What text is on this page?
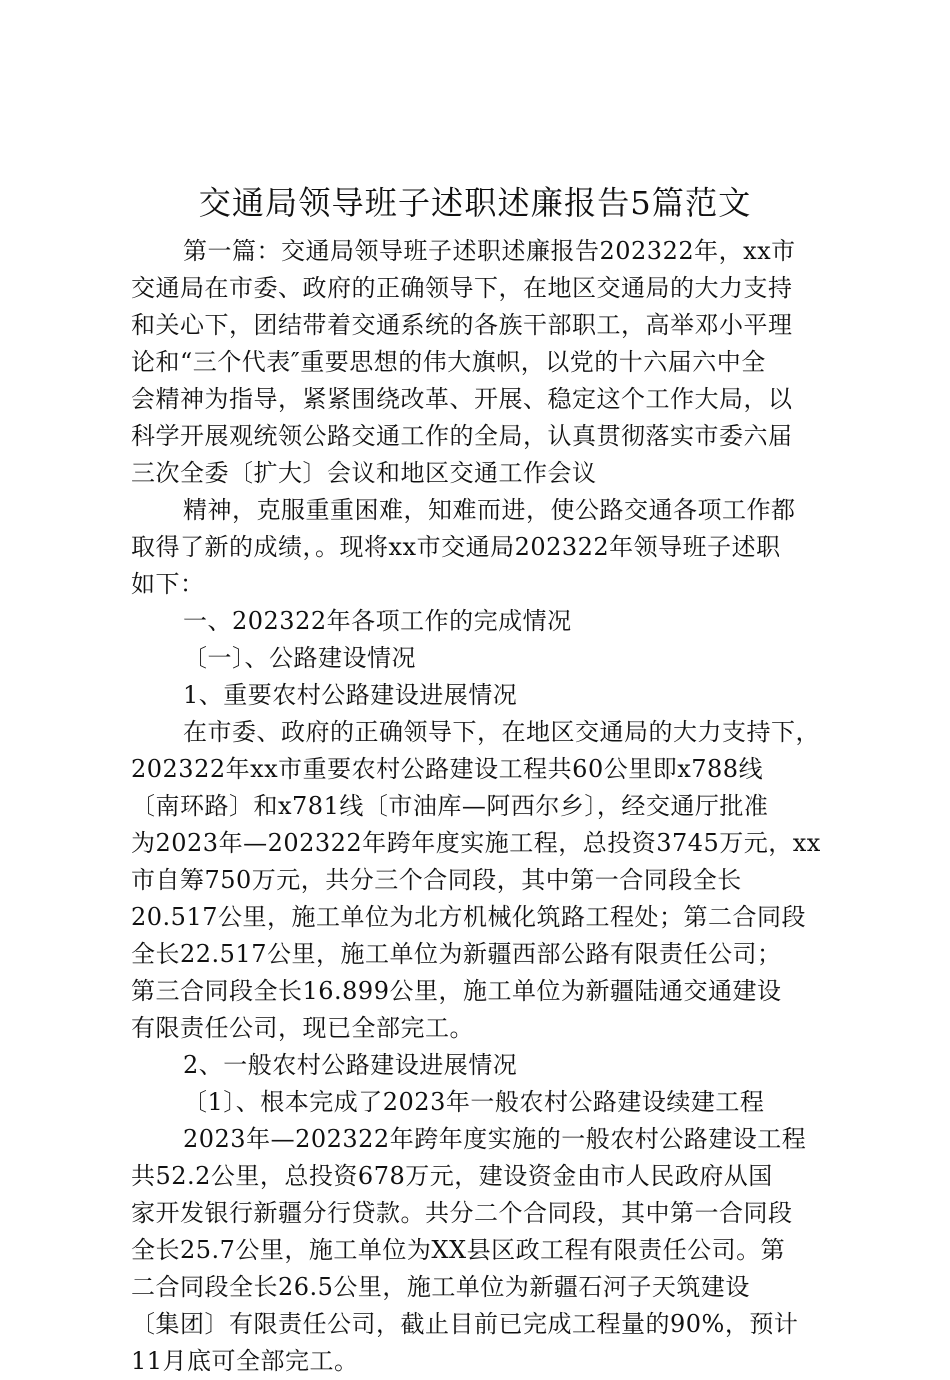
交通局领导班子述职述廉报告5篇范文
第一篇：交通局领导班子述职述廉报告202322年，xx市
交通局在市委、政府的正确领导下，在地区交通局的大力支持
和关心下，团结带着交通系统的各族干部职工，高举邓小平理
论和“三个代表″重要思想的伟大旗帜，以党的十六届六中全
会精神为指导，紧紧围绕改革、开展、稳定这个工作大局，以
科学开展观统领公路交通工作的全局，认真贯彻落实市委六届
三次全委〔扩大〕会议和地区交通工作会议
精神，克服重重困难，知难而进，使公路交通各项工作都
取得了新的成绩，。现将xx市交通局202322年领导班子述职
如下：
一、202322年各项工作的完成情况
〔一〕、公路建设情况
1、重要农村公路建设进展情况
在市委、政府的正确领导下，在地区交通局的大力支持下，
202322年xx市重要农村公路建设工程共60公里即x788线
〔南环路〕和x781线〔市油库—阿西尔乡〕，经交通厅批准
为2023年—202322年跨年度实施工程，总投资3745万元，xx
市自筹750万元，共分三个合同段，其中第一合同段全长
20.517公里，施工单位为北方机械化筑路工程处；第二合同段
全长22.517公里，施工单位为新疆西部公路有限责任公司；
第三合同段全长16.899公里，施工单位为新疆陆通交通建设
有限责任公司，现已全部完工。
2、一般农村公路建设进展情况
〔1〕、根本完成了2023年一般农村公路建设续建工程
2023年—202322年跨年度实施的一般农村公路建设工程
共52.2公里，总投资678万元，建设资金由市人民政府从国
家开发银行新疆分行贷款。共分二个合同段，其中第一合同段
全长25.7公里，施工单位为XX县区政工程有限责任公司。第
二合同段全长26.5公里，施工单位为新疆石河子天筑建设
〔集团〕有限责任公司，截止目前已完成工程量的90%，预计
11月底可全部完工。
